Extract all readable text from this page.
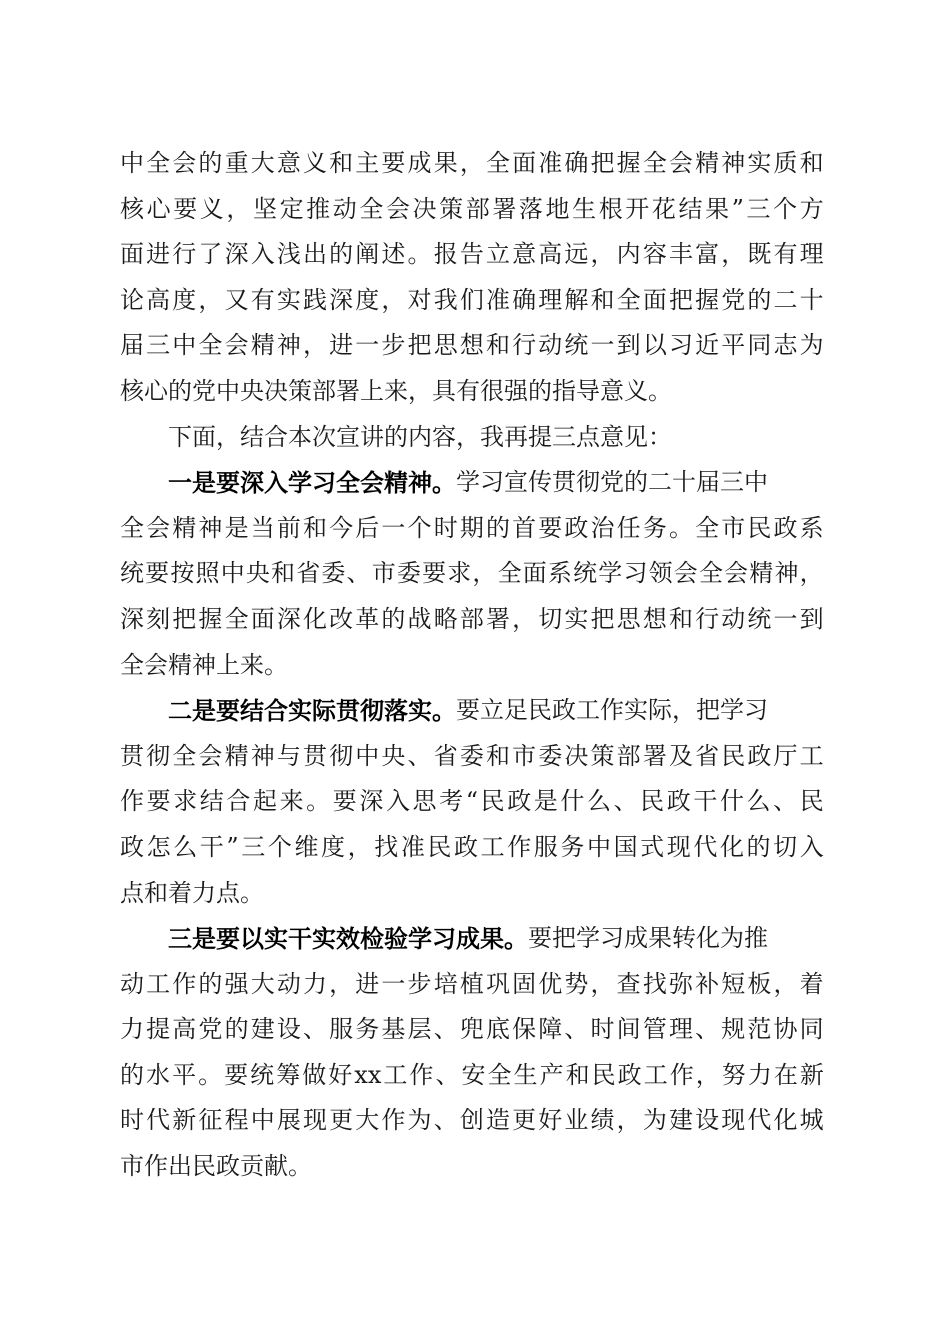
中 全 会 的 重 大 意 义 和 主 要 成 果 ， 全 面 准 确 把 握 全 会 精 神 实 质 和
核 心 要 义 ， 坚 定 推 动 全 会 决 策 部 署 落 地 生 根 开 花 结 果 ” 三 个 方
面 进 行 了 深 入 浅 出 的 阐 述 。 报 告 立 意 高 远 ， 内 容 丰 富 ， 既 有 理
论 高 度 ， 又 有 实 践 深 度 ， 对 我 们 准 确 理 解 和 全 面 把 握 党 的 二 十
届 三 中 全 会 精 神 ， 进 一 步 把 思 想 和 行 动 统 一 到 以 习 近 平 同 志 为
核心的党中央决策部署上来，具有很强的指导意义。
下面，结合本次宣讲的内容，我再提三点意见：
一是要深入学习全会精神。 学习宣传贯彻党的二十届三中
全 会 精 神 是 当 前 和 今 后 一 个 时 期 的 首 要 政 治 任 务 。 全 市 民 政 系
统 要 按 照 中 央 和 省 委 、 市 委 要 求 ， 全 面 系 统 学 习 领 会 全 会 精 神 ，
深 刻 把 握 全 面 深 化 改 革 的 战 略 部 署 ， 切 实 把 思 想 和 行 动 统 一 到
全会精神上来。
二是要结合实际贯彻落实。 要立足民政工作实际，把学习
贯 彻 全 会 精 神 与 贯 彻 中 央 、 省 委 和 市 委 决 策 部 署 及 省 民 政 厅 工
作 要 求 结 合 起 来 。 要 深 入 思 考 “ 民 政 是 什 么 、 民 政 干 什 么 、 民
政 怎 么 干 ” 三 个 维 度 ， 找 准 民 政 工 作 服 务 中 国 式 现 代 化 的 切 入
点和着力点。
三是要以实干实效检验学习成果。 要把学习成果转化为推
动 工 作 的 强 大 动 力 ， 进 一 步 培 植 巩 固 优 势 ， 查 找 弥 补 短 板 ， 着
力 提 高 党 的 建 设 、 服 务 基 层 、 兜 底 保 障 、 时 间 管 理 、 规 范 协 同
的 水 平 。 要 统 筹 做 好 xx 工 作 、 安 全 生 产 和 民 政 工 作 ， 努 力 在 新
时 代 新 征 程 中 展 现 更 大 作 为 、 创 造 更 好 业 绩 ， 为 建 设 现 代 化 城
市作出民政贡献。
